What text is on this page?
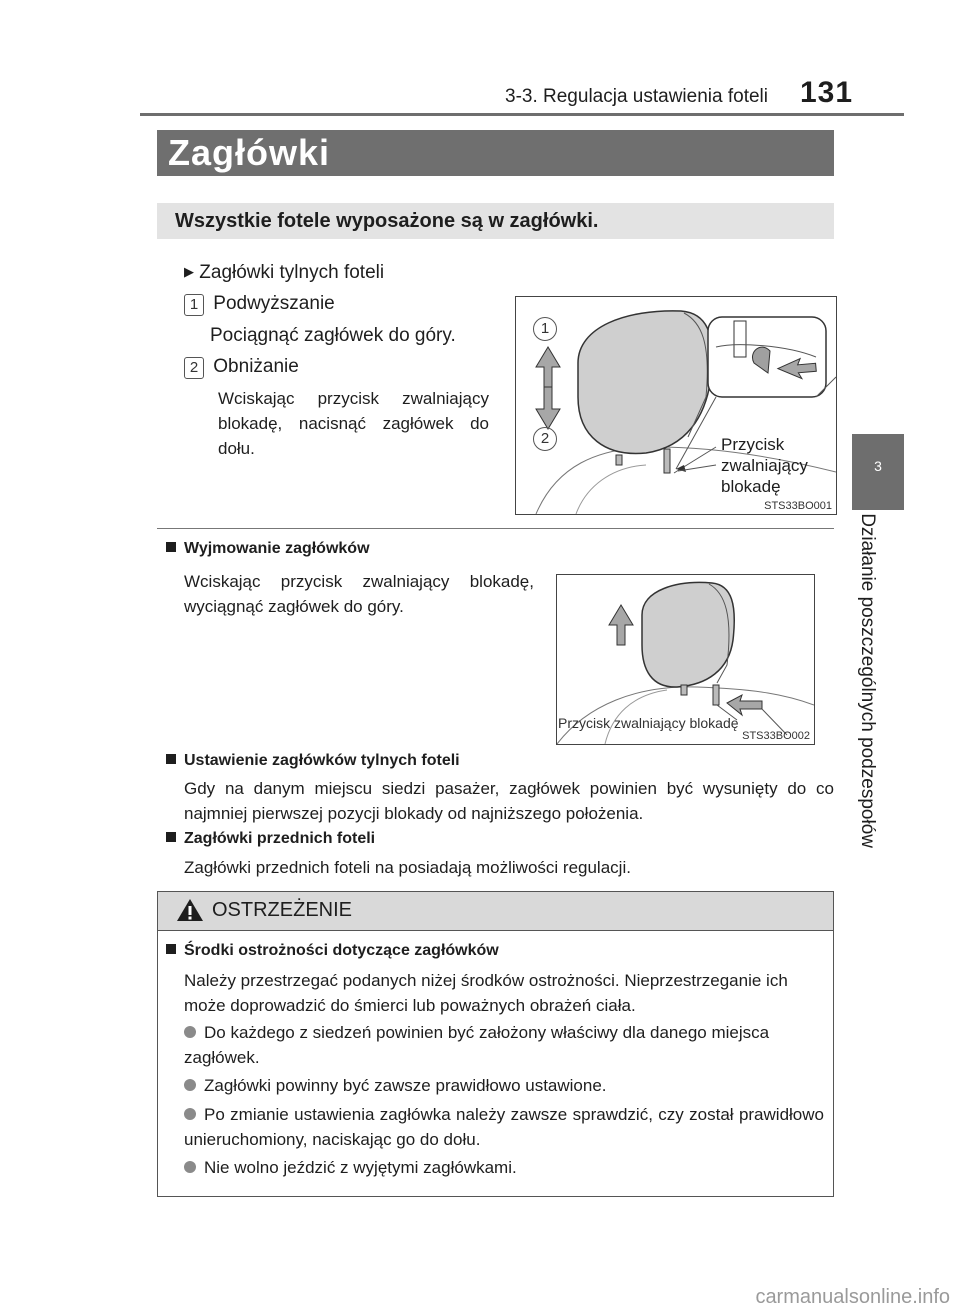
3-3. Regulacja ustawienia foteli 131
3
Działanie poszczególnych podzespołów
Zagłówki
Wszystkie fotele wyposażone są w zagłówki.
▶ Zagłówki tylnych foteli
1 Podwyższanie
Pociągnąć zagłówek do góry.
2 Obniżanie
Wciskając przycisk zwalniający blokadę, nacisnąć zagłówek do dołu.
1
2	Przycisk
zwalniający
blokadę
STS33BO001
Wyjmowanie zagłówków
Wciskając przycisk zwalniający blokadę, wyciągnąć zagłówek do góry.
Przycisk zwalniający blokadę
STS33BO002
Ustawienie zagłówków tylnych foteli
Gdy na danym miejscu siedzi pasażer, zagłówek powinien być wysunięty do co najmniej pierwszej pozycji blokady od najniższego położenia.
Zagłówki przednich foteli
Zagłówki przednich foteli na posiadają możliwości regulacji.
OSTRZEŻENIE
Środki ostrożności dotyczące zagłówków
Należy przestrzegać podanych niżej środków ostrożności. Nieprzestrzeganie ich może doprowadzić do śmierci lub poważnych obrażeń ciała.
Do każdego z siedzeń powinien być założony właściwy dla danego miejsca zagłówek.
Zagłówki powinny być zawsze prawidłowo ustawione.
Po zmianie ustawienia zagłówka należy zawsze sprawdzić, czy został prawidłowo unieruchomiony, naciskając go do dołu.
Nie wolno jeździć z wyjętymi zagłówkami.
carmanualsonline.info
